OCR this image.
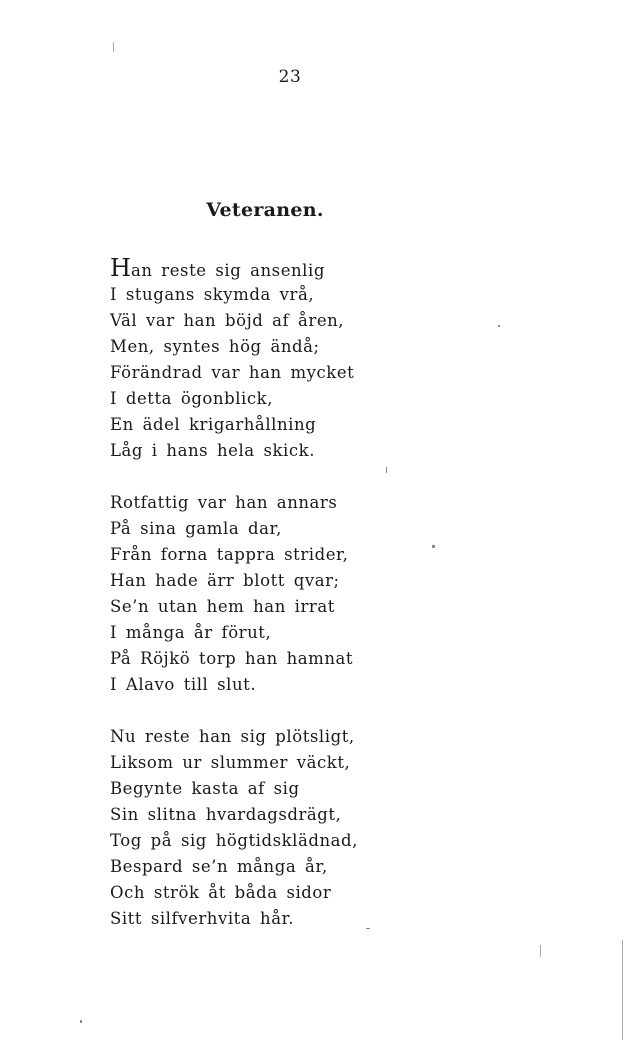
23
Veteranen.
Han reste sig ansenlig
I stugans skymda vrå,
Väl var han böjd af åren,
Men, syntes hög ändå;
Förändrad var han mycket
I detta ögonblick,
En ädel krigarhållning
Låg i hans hela skick.
Rotfattig var han annars
På sina gamla dar,
Från forna tappra strider,
Han hade ärr blott qvar;
Se’n utan hem han irrat
I många år förut,
På Röjkö torp han hamnat
I Alavo till slut.
Nu reste han sig plötsligt,
Liksom ur slummer väckt,
Begynte kasta af sig
Sin slitna hvardagsdrägt,
Tog på sig högtidsklädnad,
Bespard se’n många år,
Och strök åt båda sidor
Sitt silfverhvita hår.
